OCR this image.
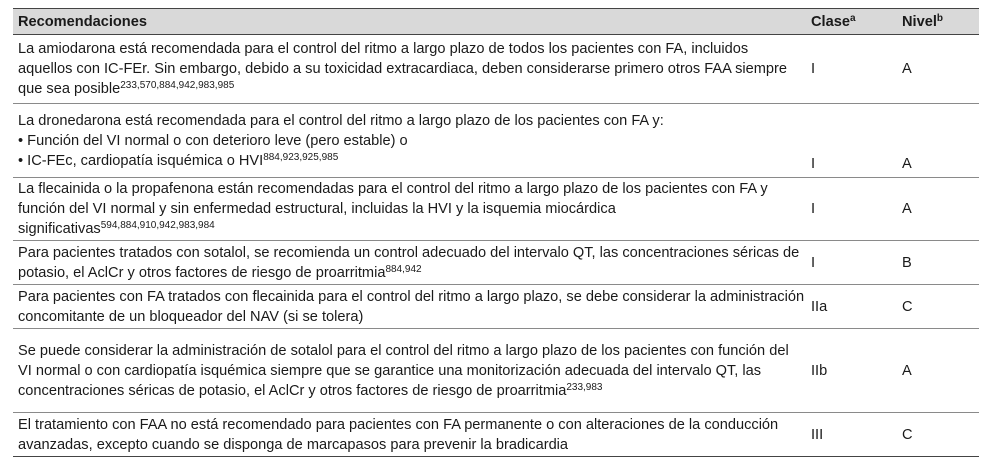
Recomendaciones	Clase$^a$	Nivel$^b$
La amiodarona está recomendada para el control del ritmo a largo plazo de todos los pacientes con FA, incluidos aquellos con IC-FEr. Sin embargo, debido a su toxicidad extracardiaca, deben considerarse primero otros FAA siempre que sea posible$^{233,570,884,942,983,985}$	I	A

La dronedarona está recomendada para el control del ritmo a largo plazo de los pacientes con FA y:
• Función del VI normal o con deterioro leve (pero estable) o
• IC-FEc, cardiopatía isquémica o HVI$^{884,923,925,985}$	I	A
La flecainida o la propafenona están recomendadas para el control del ritmo a largo plazo de los pacientes con FA y función del VI normal y sin enfermedad estructural, incluidas la HVI y la isquemia miocárdica significativas$^{594,884,910,942,983,984}$	I	A
Para pacientes tratados con sotalol, se recomienda un control adecuado del intervalo QT, las concentraciones séricas de potasio, el AclCr y otros factores de riesgo de proarritmia$^{884,942}$	I	B
Para pacientes con FA tratados con flecainida para el control del ritmo a largo plazo, se debe considerar la administración concomitante de un bloqueador del NAV (si se tolera)	IIa	C
Se puede considerar la administración de sotalol para el control del ritmo a largo plazo de los pacientes con función del VI normal o con cardiopatía isquémica siempre que se garantice una monitorización adecuada del intervalo QT, las concentraciones séricas de potasio, el AclCr y otros factores de riesgo de proarritmia$^{233,983}$	IIb	A
El tratamiento con FAA no está recomendado para pacientes con FA permanente o con alteraciones de la conducción avanzadas, excepto cuando se disponga de marcapasos para prevenir la bradicardia	III	C
